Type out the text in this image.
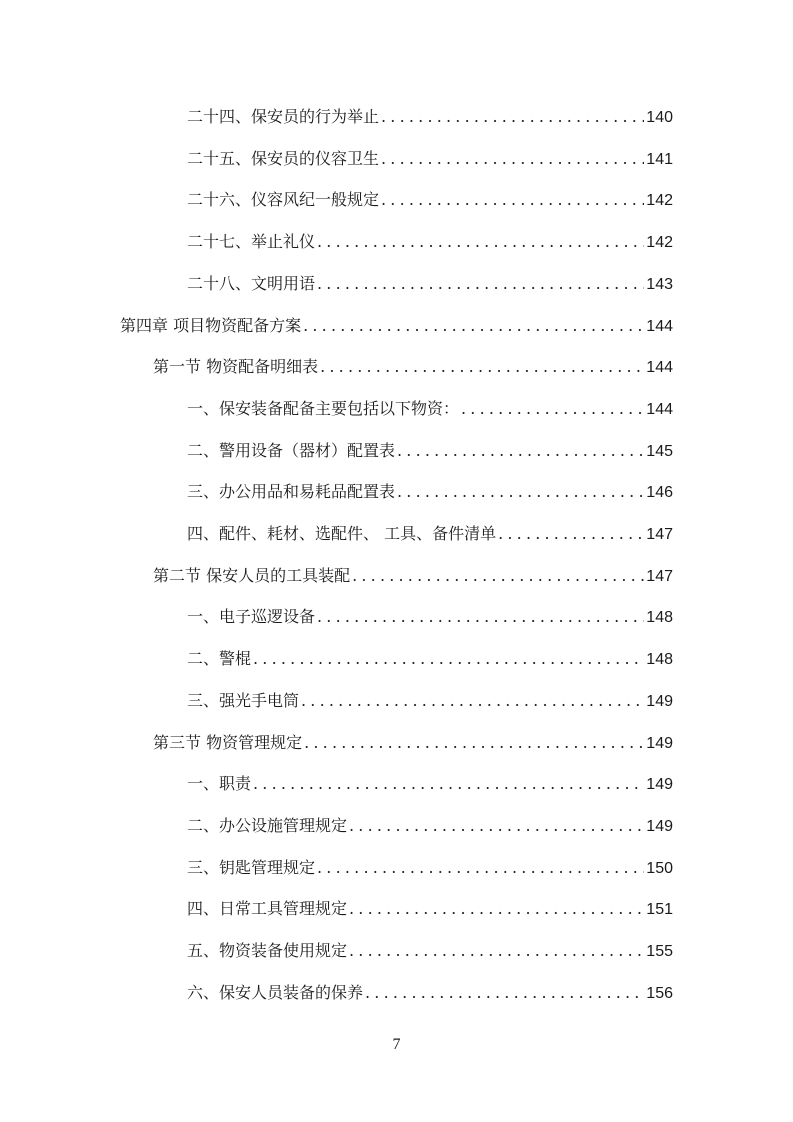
二十四、保安员的行为举止 .....	140
二十五、保安员的仪容卫生 .....	141
二十六、仪容风纪一般规定 .....	142
二十七、举止礼仪 .....	142
二十八、文明用语 .....	143
第四章 项目物资配备方案 .....	144
第一节 物资配备明细表 .....	144
一、保安装备配备主要包括以下物资： .....	144
二、警用设备（器材）配置表 .....	145
三、办公用品和易耗品配置表 .....	146
四、配件、耗材、选配件、 工具、备件清单 .....	147
第二节 保安人员的工具装配 .....	147
一、电子巡逻设备 .....	148
二、警棍 .....	148
三、强光手电筒 .....	149
第三节 物资管理规定 .....	149
一、职责 .....	149
二、办公设施管理规定 .....	149
三、钥匙管理规定 .....	150
四、日常工具管理规定 .....	151
五、物资装备使用规定 .....	155
六、保安人员装备的保养 .....	156
7
